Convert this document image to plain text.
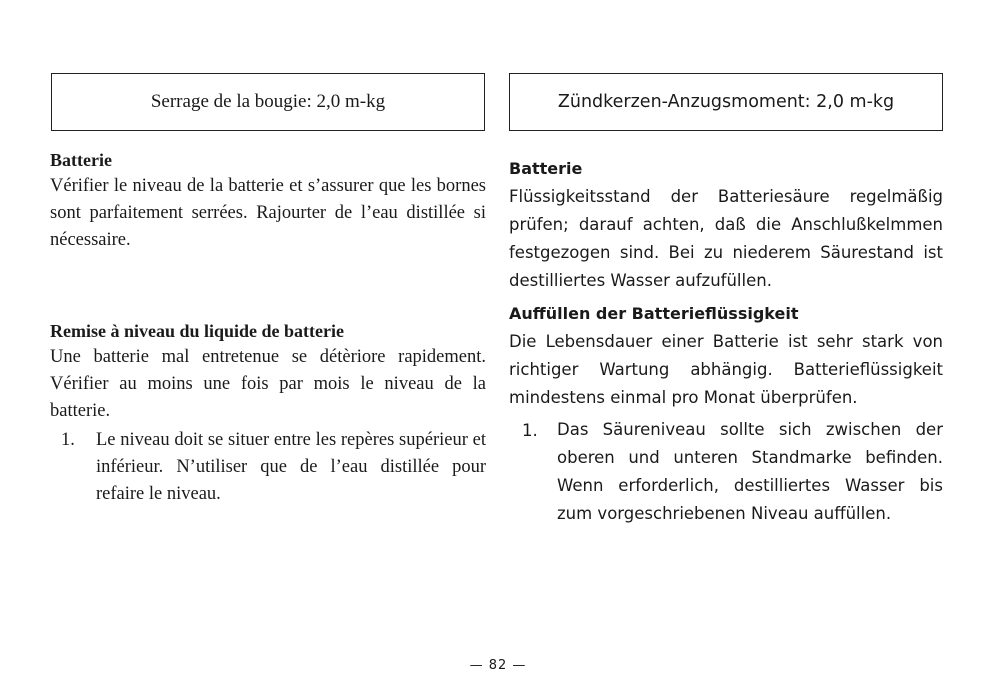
Serrage de la bougie: 2,0 m-kg
Batterie
Vérifier le niveau de la batterie et s’assurer que les bornes sont parfaitement serrées. Rajourter de l’eau distillée si nécessaire.
Remise à niveau du liquide de batterie
Une batterie mal entretenue se détèriore rapidement. Vérifier au moins une fois par mois le niveau de la batterie.
1. Le niveau doit se situer entre les repères supérieur et inférieur. N’utiliser que de l’eau distillée pour refaire le niveau.
Zündkerzen-Anzugsmoment: 2,0 m-kg
Batterie
Flüssigkeitsstand der Batteriesäure regelmäßig prüfen; darauf achten, daß die Anschlußkelmmen festgezogen sind. Bei zu niederem Säurestand ist destilliertes Wasser aufzufüllen.
Auffüllen der Batterieflüssigkeit
Die Lebensdauer einer Batterie ist sehr stark von richtiger Wartung abhängig. Batterieflüssigkeit mindestens einmal pro Monat überprüfen.
1. Das Säureniveau sollte sich zwischen der oberen und unteren Standmarke befinden. Wenn erforderlich, destilliertes Wasser bis zum vorgeschriebenen Niveau auffüllen.
— 82 —
